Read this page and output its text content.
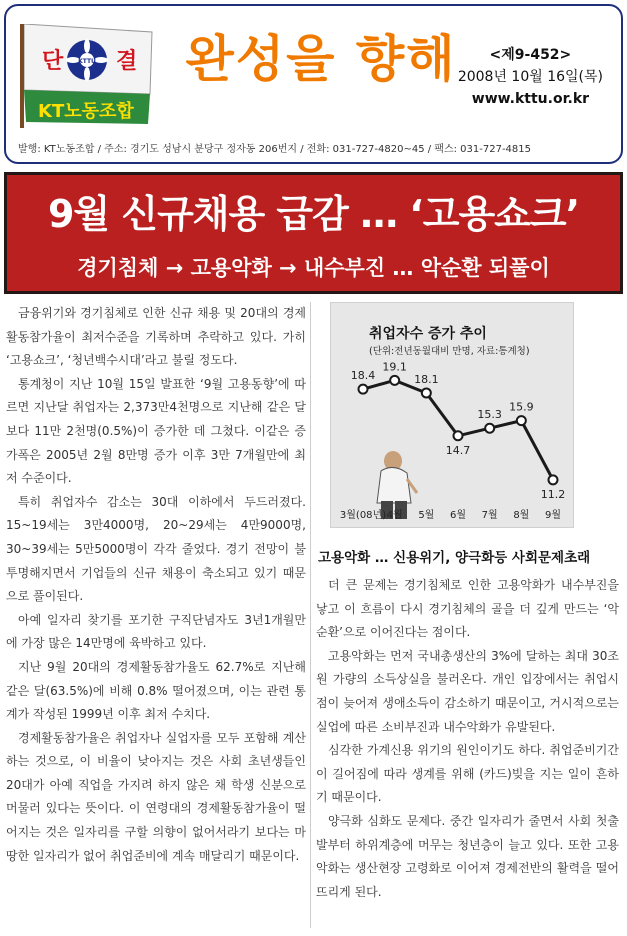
단 결
KTTU
KT노동조합
완성을 향해	<제9-452>
2008년 10월 16일(목)
www.kttu.or.kr
발행: KT노동조합 / 주소: 경기도 성남시 분당구 정자동 206번지 / 전화: 031-727-4820~45 / 팩스: 031-727-4815
9월 신규채용 급감 … ‘고용쇼크’
경기침체 → 고용악화 → 내수부진 … 악순환 되풀이

금융위기와 경기침체로 인한 신규 채용 및 20대의 경제활동참가율이 최저수준을 기록하며 추락하고 있다. 가히 ‘고용쇼크’, ‘청년백수시대’라고 불릴 정도다.

통계청이 지난 10월 15일 발표한 ‘9월 고용동향’에 따르면 지난달 취업자는 2,373만4천명으로 지난해 같은 달보다 11만 2천명(0.5%)이 증가한 데 그쳤다. 이같은 증가폭은 2005년 2월 8만명 증가 이후 3만 7개월만에 최저 수준이다.

특히 취업자수 감소는 30대 이하에서 두드러졌다. 15~19세는 3만4000명, 20~29세는 4만9000명, 30~39세는 5만5000명이 각각 줄었다. 경기 전망이 불투명해지면서 기업들의 신규 채용이 축소되고 있기 때문으로 풀이된다.

아예 일자리 찾기를 포기한 구직단념자도 3년1개월만에 가장 많은 14만명에 육박하고 있다.

지난 9월 20대의 경제활동참가율도 62.7%로 지난해 같은 달(63.5%)에 비해 0.8% 떨어졌으며, 이는 관련 통계가 작성된 1999년 이후 최저 수치다.

경제활동참가율은 취업자나 실업자를 모두 포함해 계산하는 것으로, 이 비율이 낮아지는 것은 사회 초년생들인 20대가 아예 직업을 가지려 하지 않은 채 학생 신분으로 머물러 있다는 뜻이다. 이 연령대의 경제활동참가율이 떨어지는 것은 일자리를 구할 의향이 없어서라기 보다는 마땅한 일자리가 없어 취업준비에 계속 매달리기 때문이다.

18.4
3월(08년)
19.1
4월
18.1
5월
14.7
6월
15.3
7월
15.9
8월
11.2
9월
취업자수 증가 추이
(단위:전년동월대비 만명, 자료:통계청)
고용악화 … 신용위기, 양극화등 사회문제초래

더 큰 문제는 경기침체로 인한 고용악화가 내수부진을 낳고 이 흐름이 다시 경기침체의 골을 더 깊게 만드는 ‘악순환’으로 이어진다는 점이다.

고용악화는 먼저 국내총생산의 3%에 달하는 최대 30조원 가량의 소득상실을 불러온다. 개인 입장에서는 취업시점이 늦어져 생애소득이 감소하기 때문이고, 거시적으로는 실업에 따른 소비부진과 내수악화가 유발된다.

심각한 가계신용 위기의 원인이기도 하다. 취업준비기간이 길어짐에 따라 생계를 위해 (카드)빚을 지는 일이 흔하기 때문이다.

양극화 심화도 문제다. 중간 일자리가 줄면서 사회 첫출발부터 하위계층에 머무는 청년층이 늘고 있다. 또한 고용악화는 생산현장 고령화로 이어져 경제전반의 활력을 떨어뜨리게 된다.
